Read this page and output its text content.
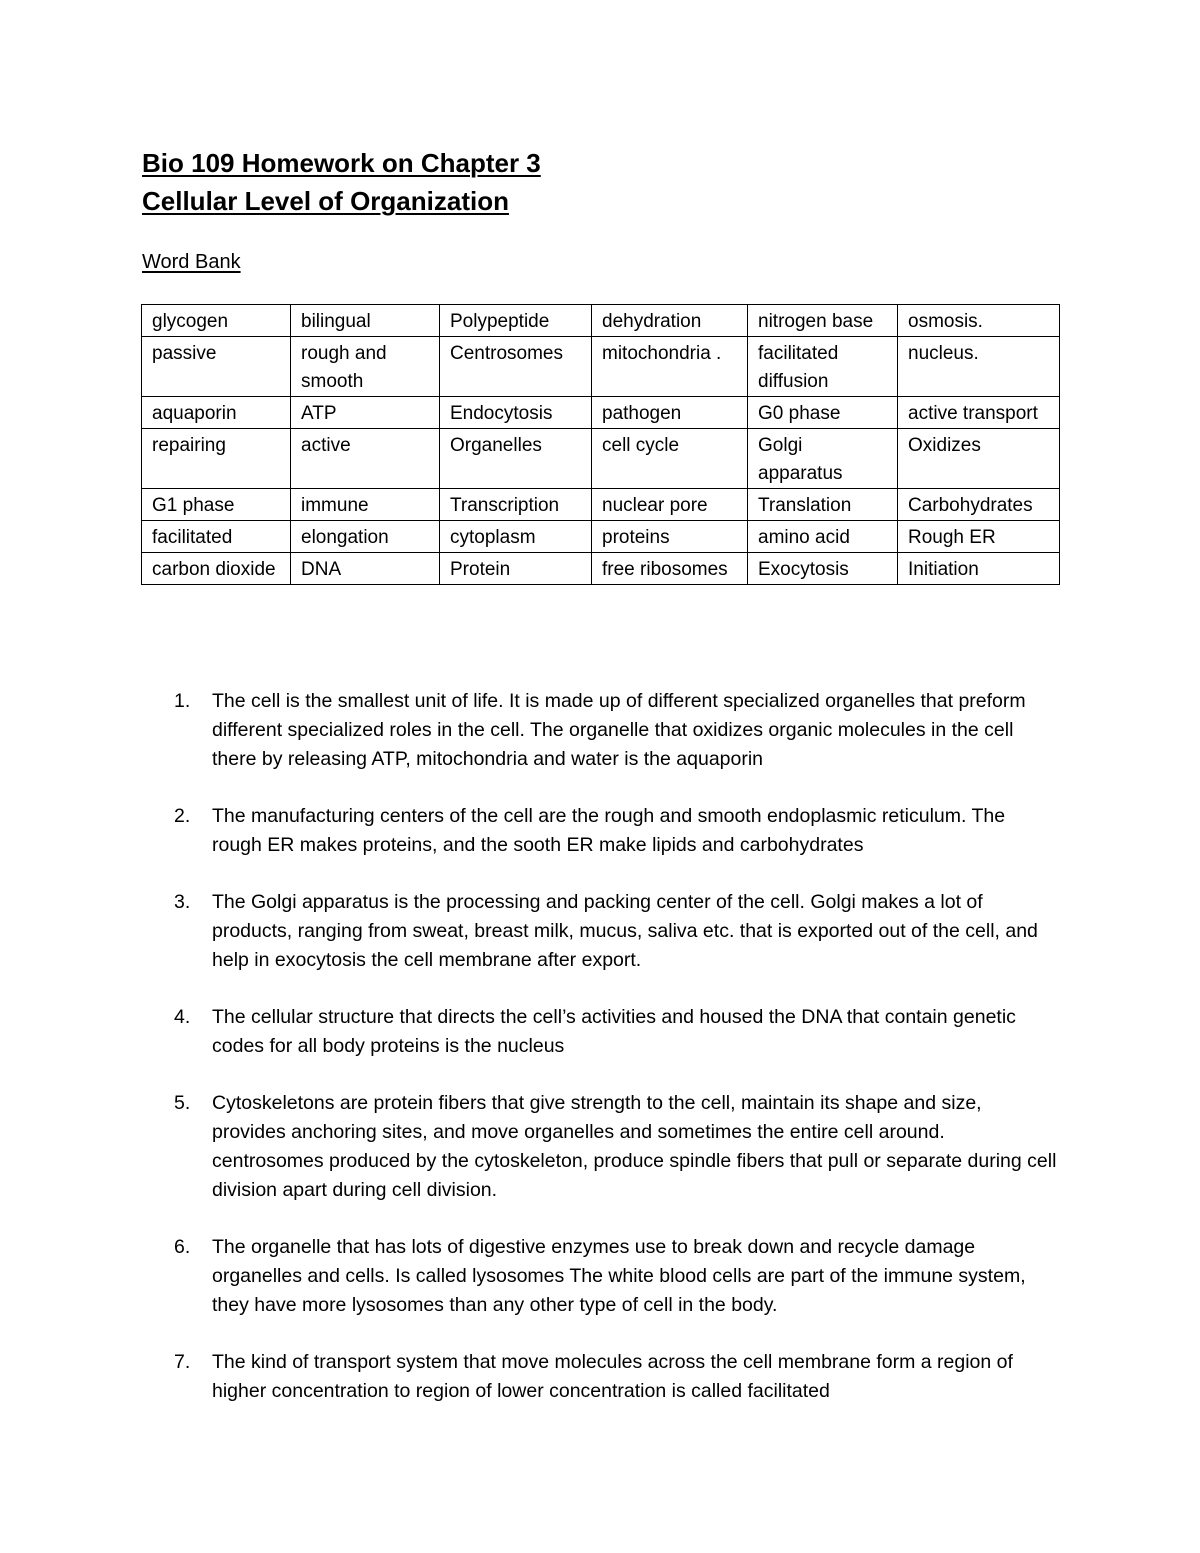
Bio 109 Homework on Chapter 3
Cellular Level of Organization
Word Bank
glycogen	bilingual	Polypeptide	dehydration	nitrogen base	osmosis.
passive	rough and smooth	Centrosomes	mitochondria .	facilitated diffusion	nucleus.
aquaporin	ATP	Endocytosis	pathogen	G0 phase	active transport
repairing	active	Organelles	cell cycle	Golgi apparatus	Oxidizes
G1 phase	immune	Transcription	nuclear pore	Translation	Carbohydrates
facilitated	elongation	cytoplasm	proteins	amino acid	Rough ER
carbon dioxide	DNA	Protein	free ribosomes	Exocytosis	Initiation
1. The cell is the smallest unit of life. It is made up of different specialized organelles that preform different specialized roles in the cell. The organelle that oxidizes organic molecules in the cell there by releasing ATP, mitochondria and water is the aquaporin
2. The manufacturing centers of the cell are the rough and smooth endoplasmic reticulum. The rough ER makes proteins, and the sooth ER make lipids and carbohydrates
3. The Golgi apparatus is the processing and packing center of the cell. Golgi makes a lot of products, ranging from sweat, breast milk, mucus, saliva etc. that is exported out of the cell, and help in exocytosis the cell membrane after export.
4. The cellular structure that directs the cell’s activities and housed the DNA that contain genetic codes for all body proteins is the nucleus
5. Cytoskeletons are protein fibers that give strength to the cell, maintain its shape and size, provides anchoring sites, and move organelles and sometimes the entire cell around. centrosomes produced by the cytoskeleton, produce spindle fibers that pull or separate during cell division apart during cell division.
6. The organelle that has lots of digestive enzymes use to break down and recycle damage organelles and cells. Is called lysosomes The white blood cells are part of the immune system, they have more lysosomes than any other type of cell in the body.
7. The kind of transport system that move molecules across the cell membrane form a region of higher concentration to region of lower concentration is called facilitated
